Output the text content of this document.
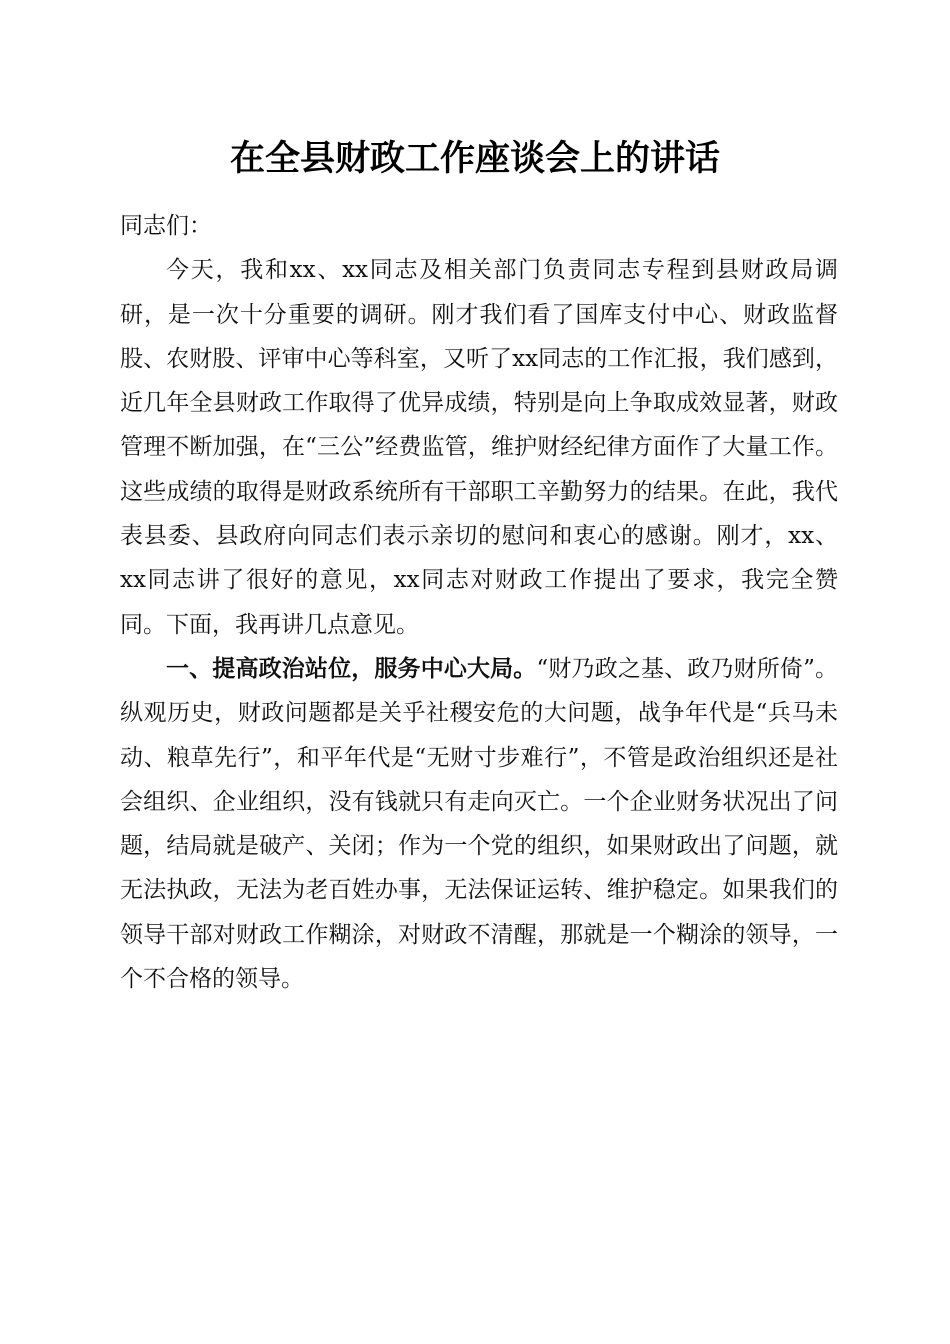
在全县财政工作座谈会上的讲话

同志们：

今天，我和xx、xx同志及相关部门负责同志专程到县财政局调研，是一次十分重要的调研。刚才我们看了国库支付中心、财政监督股、农财股、评审中心等科室，又听了xx同志的工作汇报，我们感到，近几年全县财政工作取得了优异成绩，特别是向上争取成效显著，财政管理不断加强，在“三公”经费监管，维护财经纪律方面作了大量工作。这些成绩的取得是财政系统所有干部职工辛勤努力的结果。在此，我代表县委、县政府向同志们表示亲切的慰问和衷心的感谢。刚才，xx、xx同志讲了很好的意见，xx同志对财政工作提出了要求，我完全赞同。下面，我再讲几点意见。

一、提高政治站位，服务中心大局。“财乃政之基、政乃财所倚”。纵观历史，财政问题都是关乎社稷安危的大问题，战争年代是“兵马未动、粮草先行”，和平年代是“无财寸步难行”，不管是政治组织还是社会组织、企业组织，没有钱就只有走向灭亡。一个企业财务状况出了问题，结局就是破产、关闭；作为一个党的组织，如果财政出了问题，就无法执政，无法为老百姓办事，无法保证运转、维护稳定。如果我们的领导干部对财政工作糊涂，对财政不清醒，那就是一个糊涂的领导，一个不合格的领导。
